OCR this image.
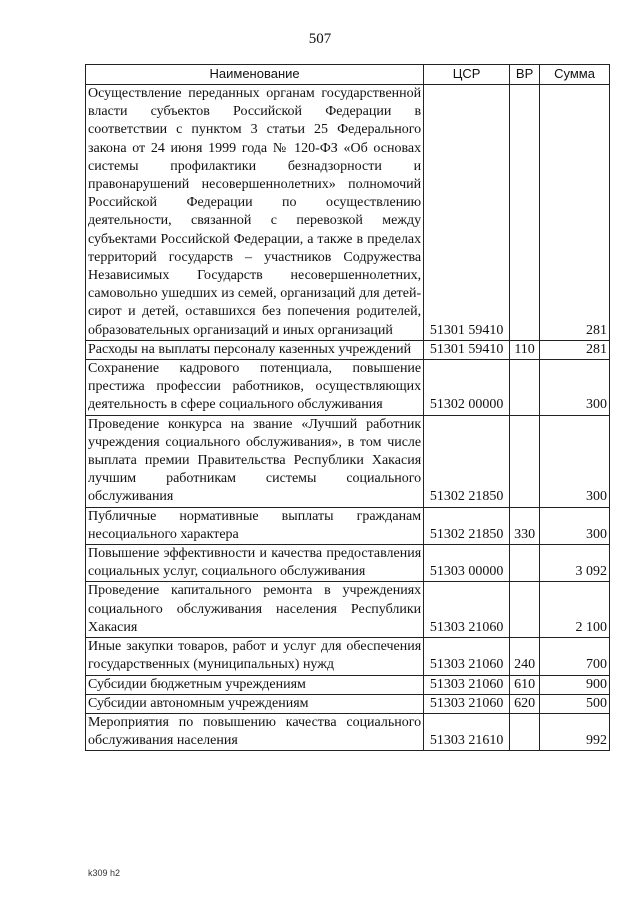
507
Наименование	ЦСР	ВР	Сумма
Осуществление переданных органам государственной власти субъектов Российской Федерации в соответствии с пунктом 3 статьи 25 Федерального закона от 24 июня 1999 года № 120-ФЗ «Об основах системы профилактики безнадзорности и правонарушений несовершеннолетних» полномочий Российской Федерации по осуществлению деятельности, связанной с перевозкой между субъектами Российской Федерации, а также в пределах территорий государств – участников Содружества Независимых Государств несовершеннолетних, самовольно ушедших из семей, организаций для детей-сирот и детей, оставшихся без попечения родителей, образовательных организаций и иных организаций	51301 59410		281
Расходы на выплаты персоналу казенных учреждений	51301 59410	110	281
Сохранение кадрового потенциала, повышение престижа профессии работников, осуществляющих деятельность в сфере социального обслуживания	51302 00000		300
Проведение конкурса на звание «Лучший работник учреждения социального обслуживания», в том числе выплата премии Правительства Республики Хакасия лучшим работникам системы социального обслуживания	51302 21850		300
Публичные нормативные выплаты гражданам несоциального характера	51302 21850	330	300
Повышение эффективности и качества предоставления социальных услуг, социального обслуживания	51303 00000		3 092
Проведение капитального ремонта в учреждениях социального обслуживания населения Республики Хакасия	51303 21060		2 100
Иные закупки товаров, работ и услуг для обеспечения государственных (муниципальных) нужд	51303 21060	240	700
Субсидии бюджетным учреждениям	51303 21060	610	900
Субсидии автономным учреждениям	51303 21060	620	500
Мероприятия по повышению качества социального обслуживания населения	51303 21610		992
k309 h2
